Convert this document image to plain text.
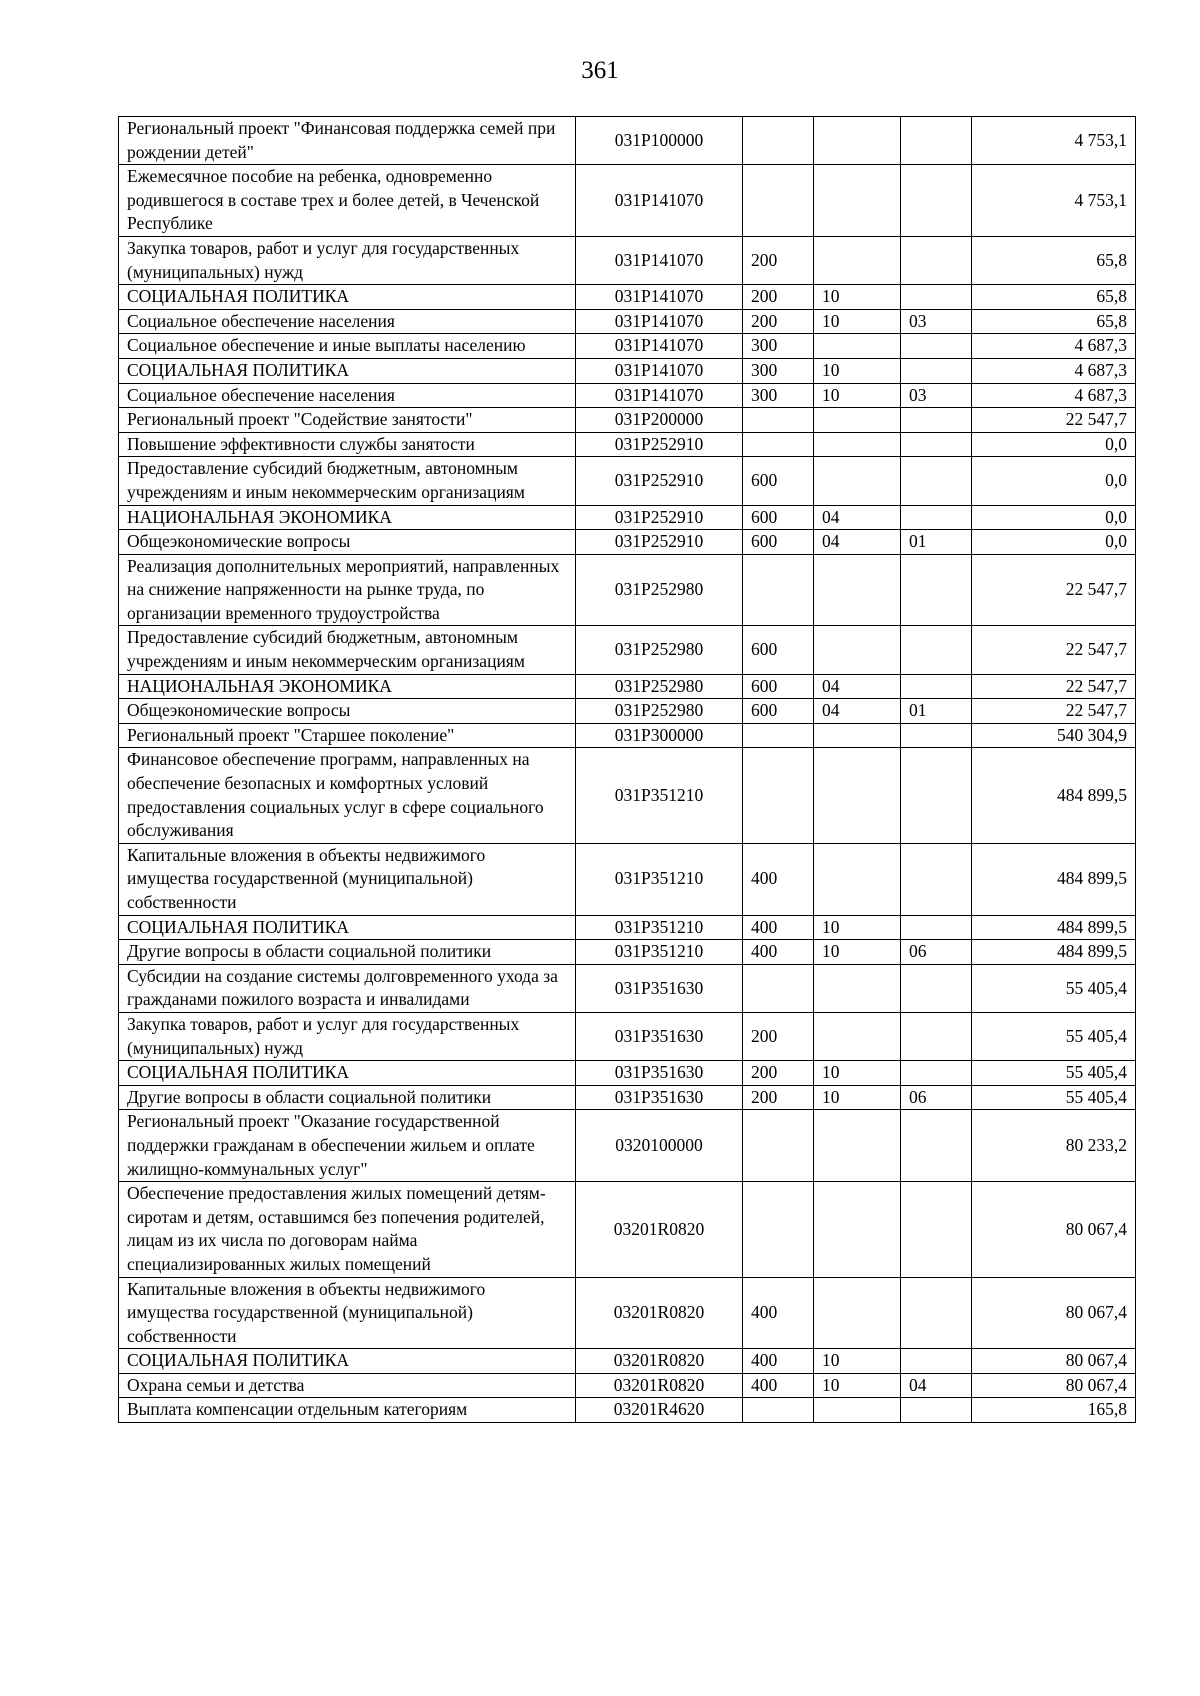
361
Региональный проект "Финансовая поддержка семей при рождении детей"	031P100000				4 753,1
Ежемесячное пособие на ребенка, одновременно родившегося в составе трех и более детей, в Чеченской Республике	031P141070				4 753,1
Закупка товаров, работ и услуг для государственных (муниципальных) нужд	031P141070	200			65,8
СОЦИАЛЬНАЯ ПОЛИТИКА	031P141070	200	10		65,8
Социальное обеспечение населения	031P141070	200	10	03	65,8
Социальное обеспечение и иные выплаты населению	031P141070	300			4 687,3
СОЦИАЛЬНАЯ ПОЛИТИКА	031P141070	300	10		4 687,3
Социальное обеспечение населения	031P141070	300	10	03	4 687,3
Региональный проект "Содействие занятости"	031P200000				22 547,7
Повышение эффективности службы занятости	031P252910				0,0
Предоставление субсидий бюджетным, автономным учреждениям и иным некоммерческим организациям	031P252910	600			0,0
НАЦИОНАЛЬНАЯ ЭКОНОМИКА	031P252910	600	04		0,0
Общеэкономические вопросы	031P252910	600	04	01	0,0
Реализация дополнительных мероприятий, направленных на снижение напряженности на рынке труда, по организации временного трудоустройства	031P252980				22 547,7
Предоставление субсидий бюджетным, автономным учреждениям и иным некоммерческим организациям	031P252980	600			22 547,7
НАЦИОНАЛЬНАЯ ЭКОНОМИКА	031P252980	600	04		22 547,7
Общеэкономические вопросы	031P252980	600	04	01	22 547,7
Региональный проект "Старшее поколение"	031P300000				540 304,9
Финансовое обеспечение программ, направленных на обеспечение безопасных и комфортных условий предоставления социальных услуг в сфере социального обслуживания	031P351210				484 899,5
Капитальные вложения в объекты недвижимого имущества государственной (муниципальной) собственности	031P351210	400			484 899,5
СОЦИАЛЬНАЯ ПОЛИТИКА	031P351210	400	10		484 899,5
Другие вопросы в области социальной политики	031P351210	400	10	06	484 899,5
Субсидии на создание системы долговременного ухода за гражданами пожилого возраста и инвалидами	031P351630				55 405,4
Закупка товаров, работ и услуг для государственных (муниципальных) нужд	031P351630	200			55 405,4
СОЦИАЛЬНАЯ ПОЛИТИКА	031P351630	200	10		55 405,4
Другие вопросы в области социальной политики	031P351630	200	10	06	55 405,4
Региональный проект "Оказание государственной поддержки гражданам в обеспечении жильем и оплате жилищно-коммунальных услуг"	0320100000				80 233,2
Обеспечение предоставления жилых помещений детям-сиротам и детям, оставшимся без попечения родителей, лицам из их числа по договорам найма специализированных жилых помещений	03201R0820				80 067,4
Капитальные вложения в объекты недвижимого имущества государственной (муниципальной) собственности	03201R0820	400			80 067,4
СОЦИАЛЬНАЯ ПОЛИТИКА	03201R0820	400	10		80 067,4
Охрана семьи и детства	03201R0820	400	10	04	80 067,4
Выплата компенсации отдельным категориям	03201R4620				165,8
